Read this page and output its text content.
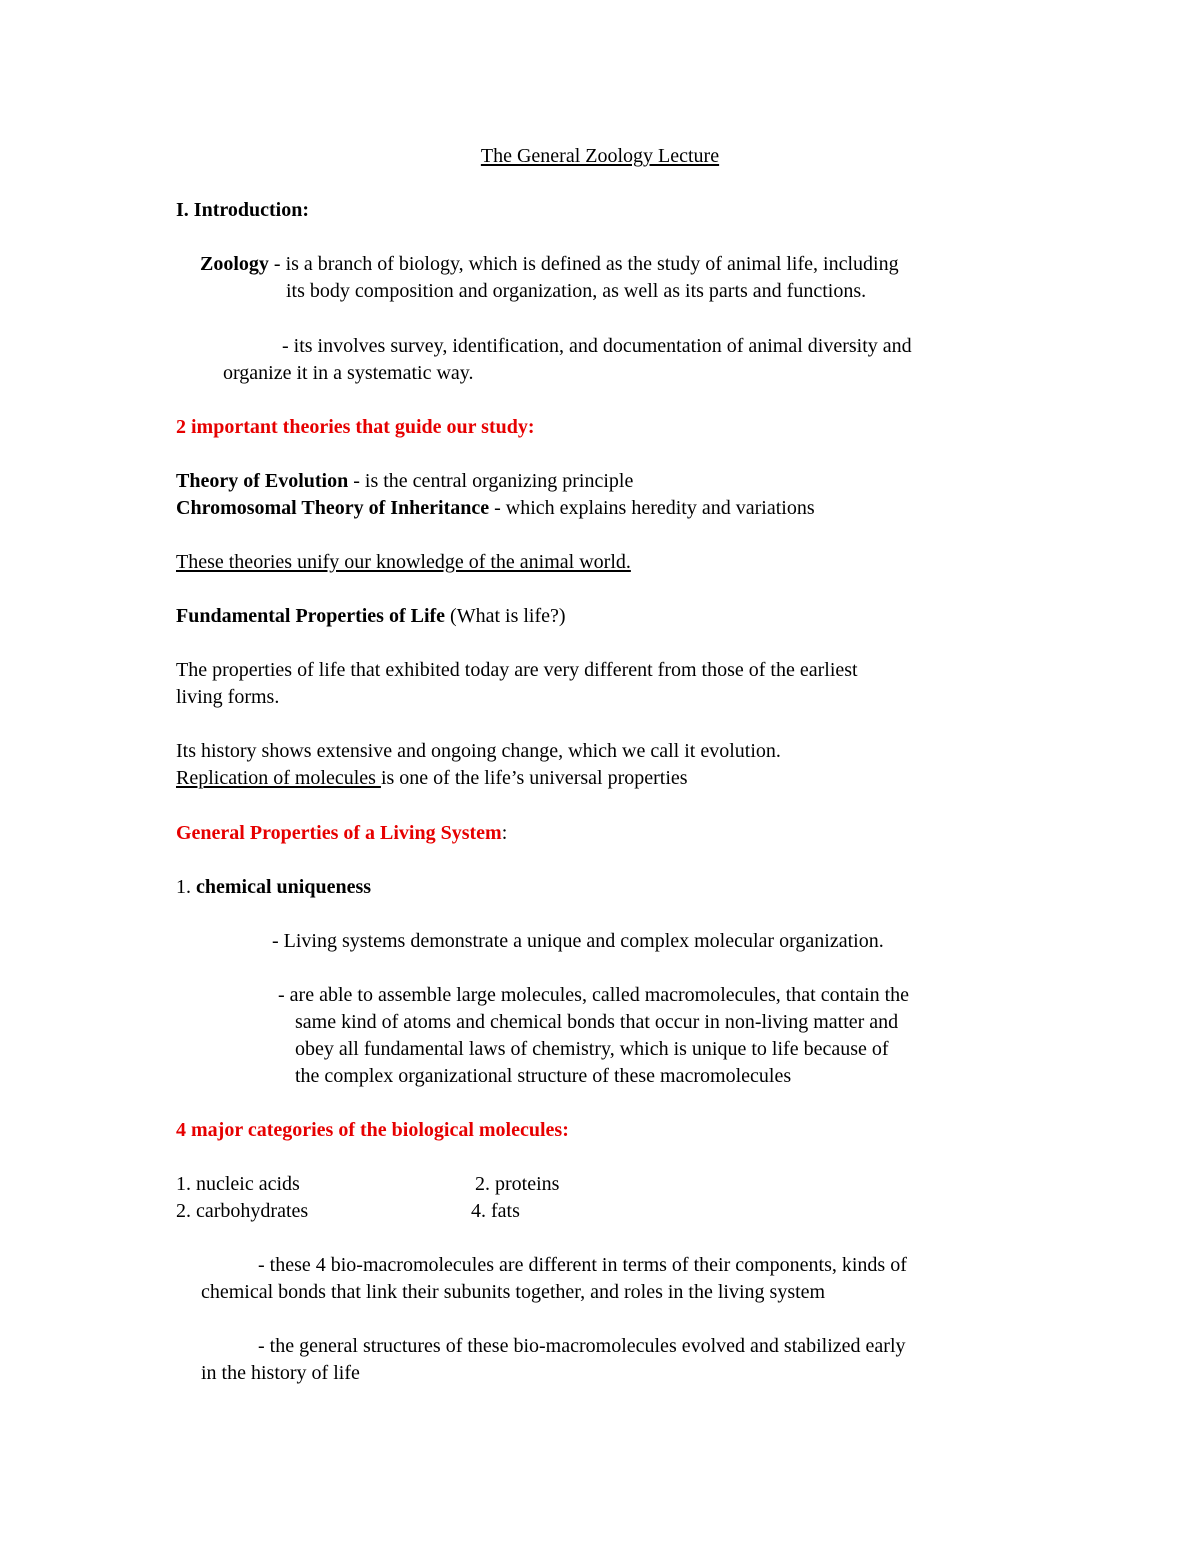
The General Zoology Lecture

I. Introduction:

Zoology - is a branch of biology, which is defined as the study of animal life, including

its body composition and organization, as well as its parts and functions.

- its involves survey, identification, and documentation of animal diversity and

organize it in a systematic way.

2 important theories that guide our study:

Theory of Evolution - is the central organizing principle

Chromosomal Theory of Inheritance - which explains heredity and variations

These theories unify our knowledge of the animal world.

Fundamental Properties of Life (What is life?)

The properties of life that exhibited today are very different from those of the earliest

living forms.

Its history shows extensive and ongoing change, which we call it evolution.

Replication of molecules is one of the life’s universal properties

General Properties of a Living System:

1. chemical uniqueness

- Living systems demonstrate a unique and complex molecular organization.

- are able to assemble large molecules, called macromolecules, that contain the

same kind of atoms and chemical bonds that occur in non-living matter and

obey all fundamental laws of chemistry, which is unique to life because of

the complex organizational structure of these macromolecules

4 major categories of the biological molecules:

1. nucleic acids	2. proteins

2. carbohydrates	4. fats

- these 4 bio-macromolecules are different in terms of their components, kinds of

chemical bonds that link their subunits together, and roles in the living system

- the general structures of these bio-macromolecules evolved and stabilized early

in the history of life
